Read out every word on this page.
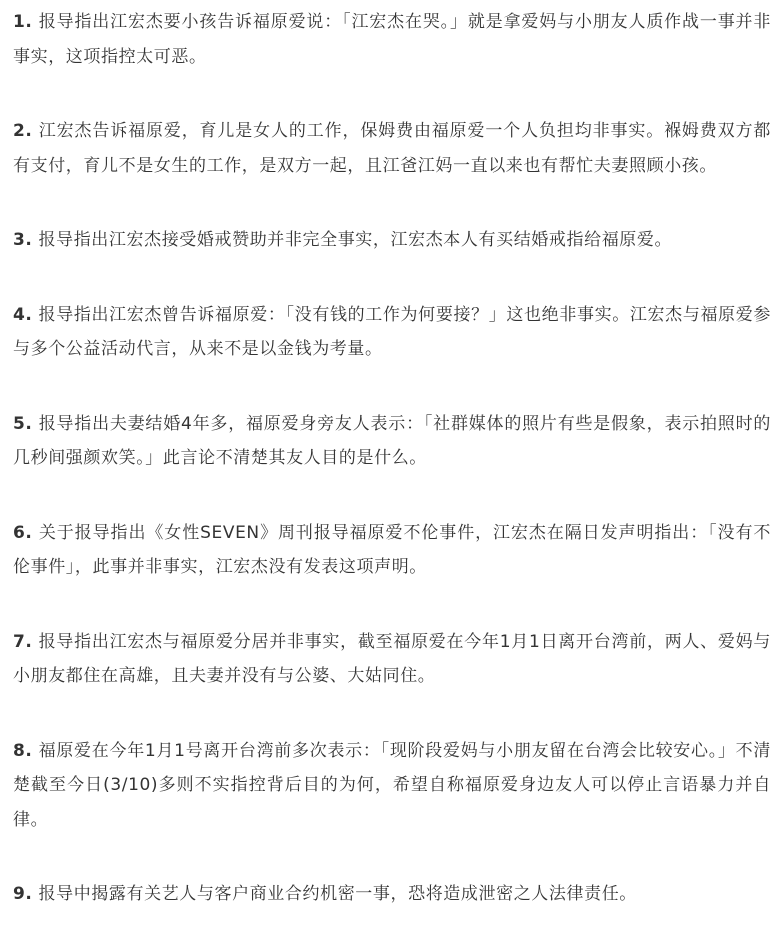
1. 报导指出江宏杰要小孩告诉福原爱说：「江宏杰在哭。」就是拿爱妈与小朋友人质作战一事并非事实，这项指控太可恶。

2. 江宏杰告诉福原爱，育儿是女人的工作，保姆费由福原爱一个人负担均非事实。褓姆费双方都有支付，育儿不是女生的工作，是双方一起，且江爸江妈一直以来也有帮忙夫妻照顾小孩。

3. 报导指出江宏杰接受婚戒赞助并非完全事实，江宏杰本人有买结婚戒指给福原爱。

4. 报导指出江宏杰曾告诉福原爱：「没有钱的工作为何要接？」这也绝非事实。江宏杰与福原爱参与多个公益活动代言，从来不是以金钱为考量。

5. 报导指出夫妻结婚4年多，福原爱身旁友人表示：「社群媒体的照片有些是假象，表示拍照时的几秒间强颜欢笑。」此言论不清楚其友人目的是什么。

6. 关于报导指出《女性SEVEN》周刊报导福原爱不伦事件，江宏杰在隔日发声明指出：「没有不伦事件」，此事并非事实，江宏杰没有发表这项声明。

7. 报导指出江宏杰与福原爱分居并非事实，截至福原爱在今年1月1日离开台湾前，两人、爱妈与小朋友都住在高雄，且夫妻并没有与公婆、大姑同住。

8. 福原爱在今年1月1号离开台湾前多次表示：「现阶段爱妈与小朋友留在台湾会比较安心。」不清楚截至今日(3/10)多则不实指控背后目的为何，希望自称福原爱身边友人可以停止言语暴力并自律。

9. 报导中揭露有关艺人与客户商业合约机密一事，恐将造成泄密之人法律责任。
